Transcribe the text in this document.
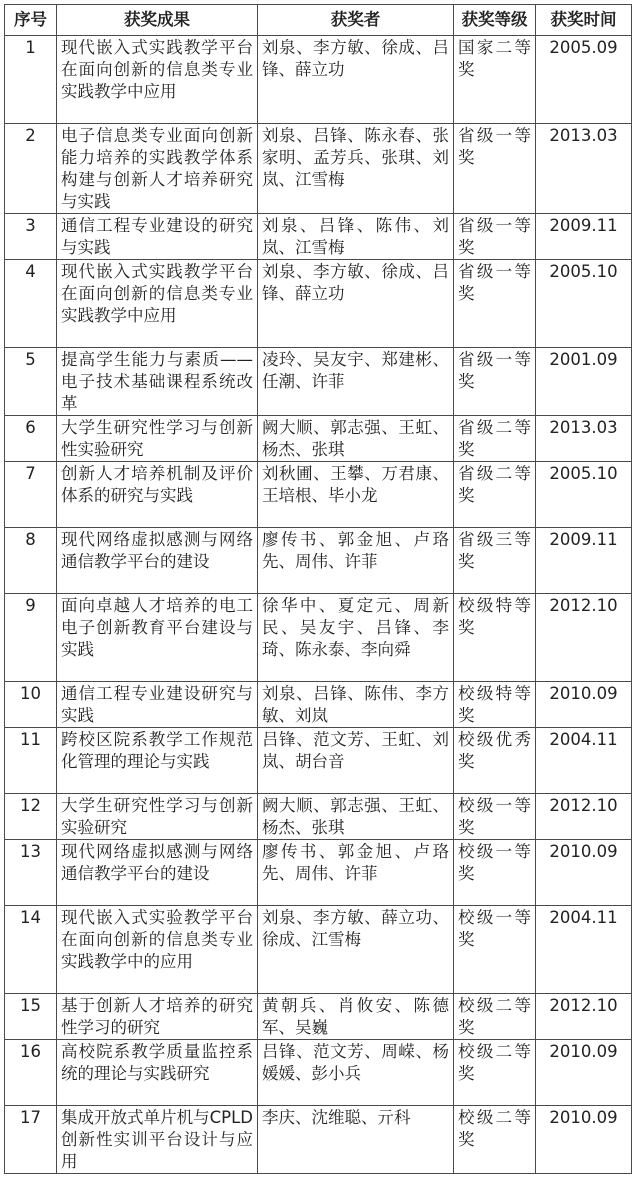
序号	获奖成果	获奖者	获奖等级	获奖时间
1	现代嵌入式实践教学平台在面向创新的信息类专业实践教学中应用	刘泉、李方敏、徐成、吕锋、薛立功	国家二等奖	2005.09
2	电子信息类专业面向创新能力培养的实践教学体系构建与创新人才培养研究与实践	刘泉、吕锋、陈永春、张家明、孟芳兵、张琪、刘岚、江雪梅	省级一等奖	2013.03
3	通信工程专业建设的研究与实践	刘泉、吕锋、陈伟、刘岚、江雪梅	省级一等奖	2009.11
4	现代嵌入式实践教学平台在面向创新的信息类专业实践教学中应用	刘泉、李方敏、徐成、吕锋、薛立功	省级一等奖	2005.10
5	提高学生能力与素质——电子技术基础课程系统改革	凌玲、吴友宇、郑建彬、任潮、许菲	省级一等奖	2001.09
6	大学生研究性学习与创新性实验研究	阙大顺、郭志强、王虹、杨杰、张琪	省级二等奖	2013.03
7	创新人才培养机制及评价体系的研究与实践	刘秋圃、王攀、万君康、王培根、毕小龙	省级二等奖	2005.10
8	现代网络虚拟感测与网络通信教学平台的建设	廖传书、郭金旭、卢珞先、周伟、许菲	省级三等奖	2009.11
9	面向卓越人才培养的电工电子创新教育平台建设与实践	徐华中、夏定元、周新民、吴友宇、吕锋、李琦、陈永泰、李向舜	校级特等奖	2012.10
10	通信工程专业建设研究与实践	刘泉、吕锋、陈伟、李方敏、刘岚	校级特等奖	2010.09
11	跨校区院系教学工作规范化管理的理论与实践	吕锋、范文芳、王虹、刘岚、胡台音	校级优秀奖	2004.11
12	大学生研究性学习与创新实验研究	阙大顺、郭志强、王虹、杨杰、张琪	校级一等奖	2012.10
13	现代网络虚拟感测与网络通信教学平台的建设	廖传书、郭金旭、卢珞先、周伟、许菲	校级一等奖	2010.09
14	现代嵌入式实验教学平台在面向创新的信息类专业实践教学中的应用	刘泉、李方敏、薛立功、徐成、江雪梅	校级一等奖	2004.11
15	基于创新人才培养的研究性学习的研究	黄朝兵、肖攸安、陈德军、吴巍	校级二等奖	2012.10
16	高校院系教学质量监控系统的理论与实践研究	吕锋、范文芳、周嵘、杨媛媛、彭小兵	校级二等奖	2010.09
17	集成开放式单片机与CPLD创新性实训平台设计与应用	李庆、沈维聪、亓科	校级二等奖	2010.09
